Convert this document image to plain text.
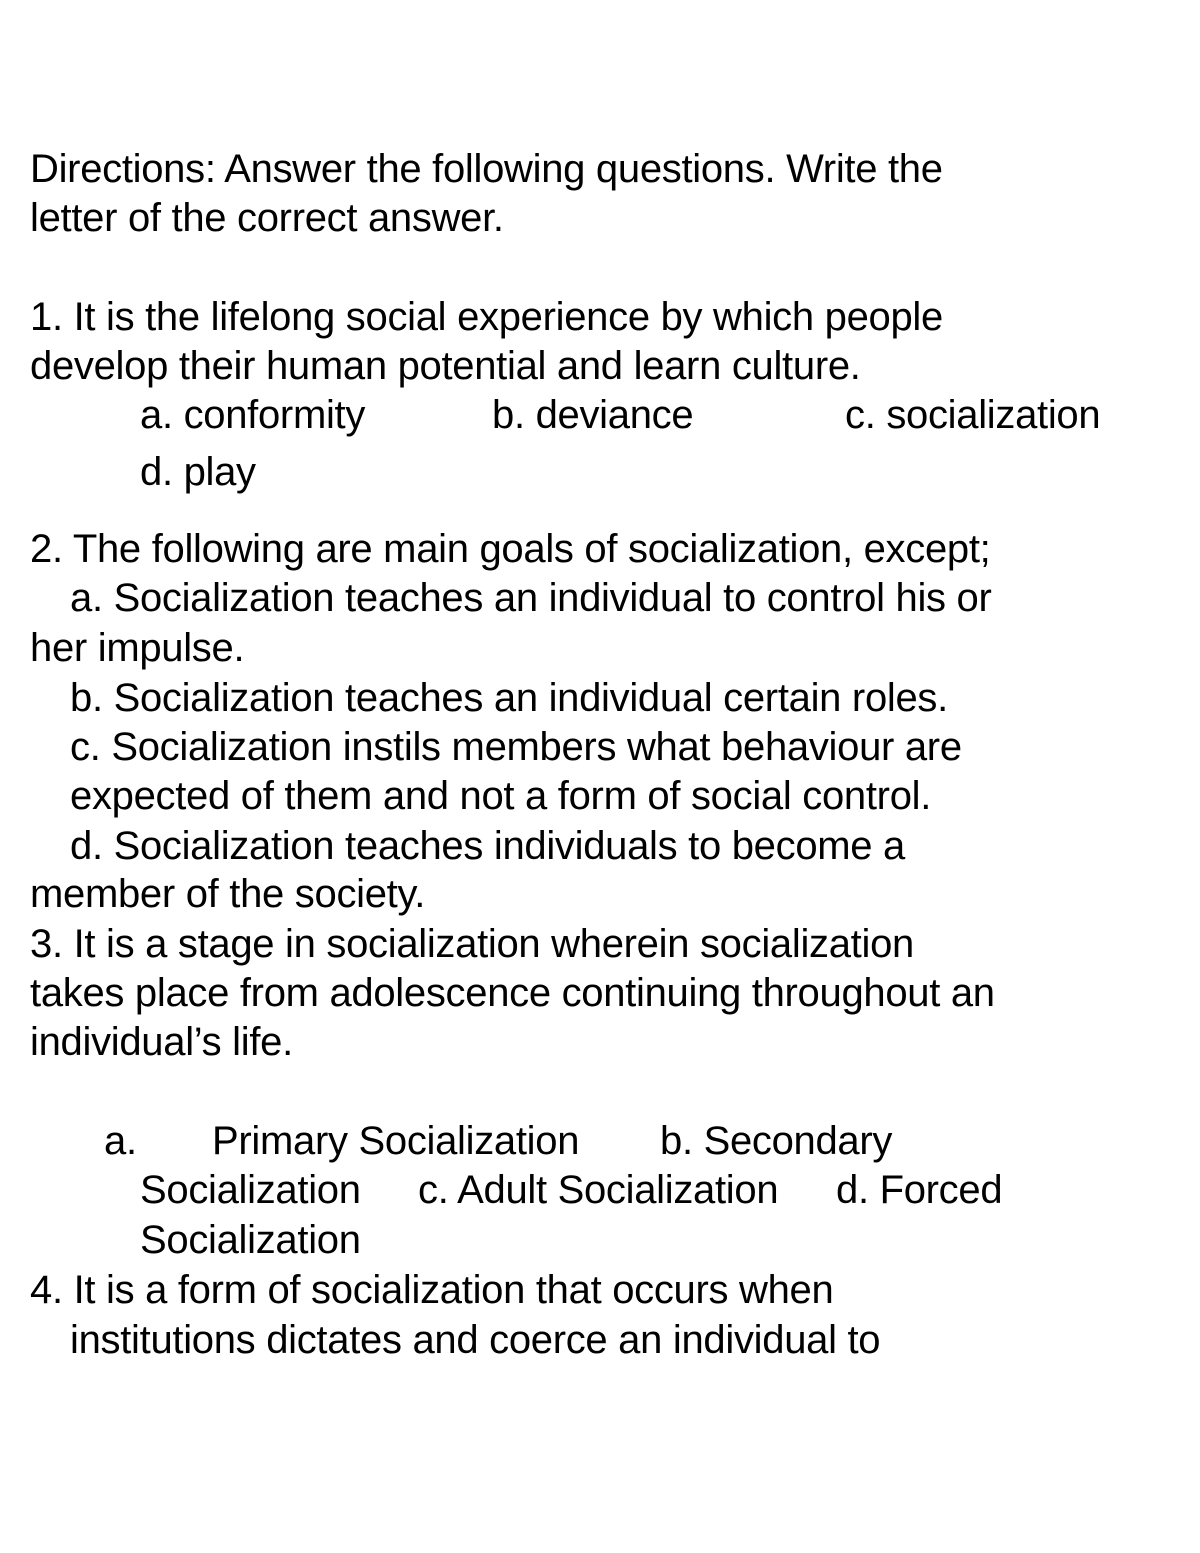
Directions: Answer the following questions. Write the
letter of the correct answer.
1. It is the lifelong social experience by which people
develop their human potential and learn culture.
a. conformity	b. deviance	c. socialization
d. play
2. The following are main goals of socialization, except;
a. Socialization teaches an individual to control his or
her impulse.
b. Socialization teaches an individual certain roles.
c. Socialization instils members what behaviour are
expected of them and not a form of social control.
d. Socialization teaches individuals to become a
member of the society.
3. It is a stage in socialization wherein socialization
takes place from adolescence continuing throughout an
individual’s life.
a. Primary Socialization b. Secondary
Socialization c. Adult Socialization d. Forced
Socialization
4. It is a form of socialization that occurs when
institutions dictates and coerce an individual to
